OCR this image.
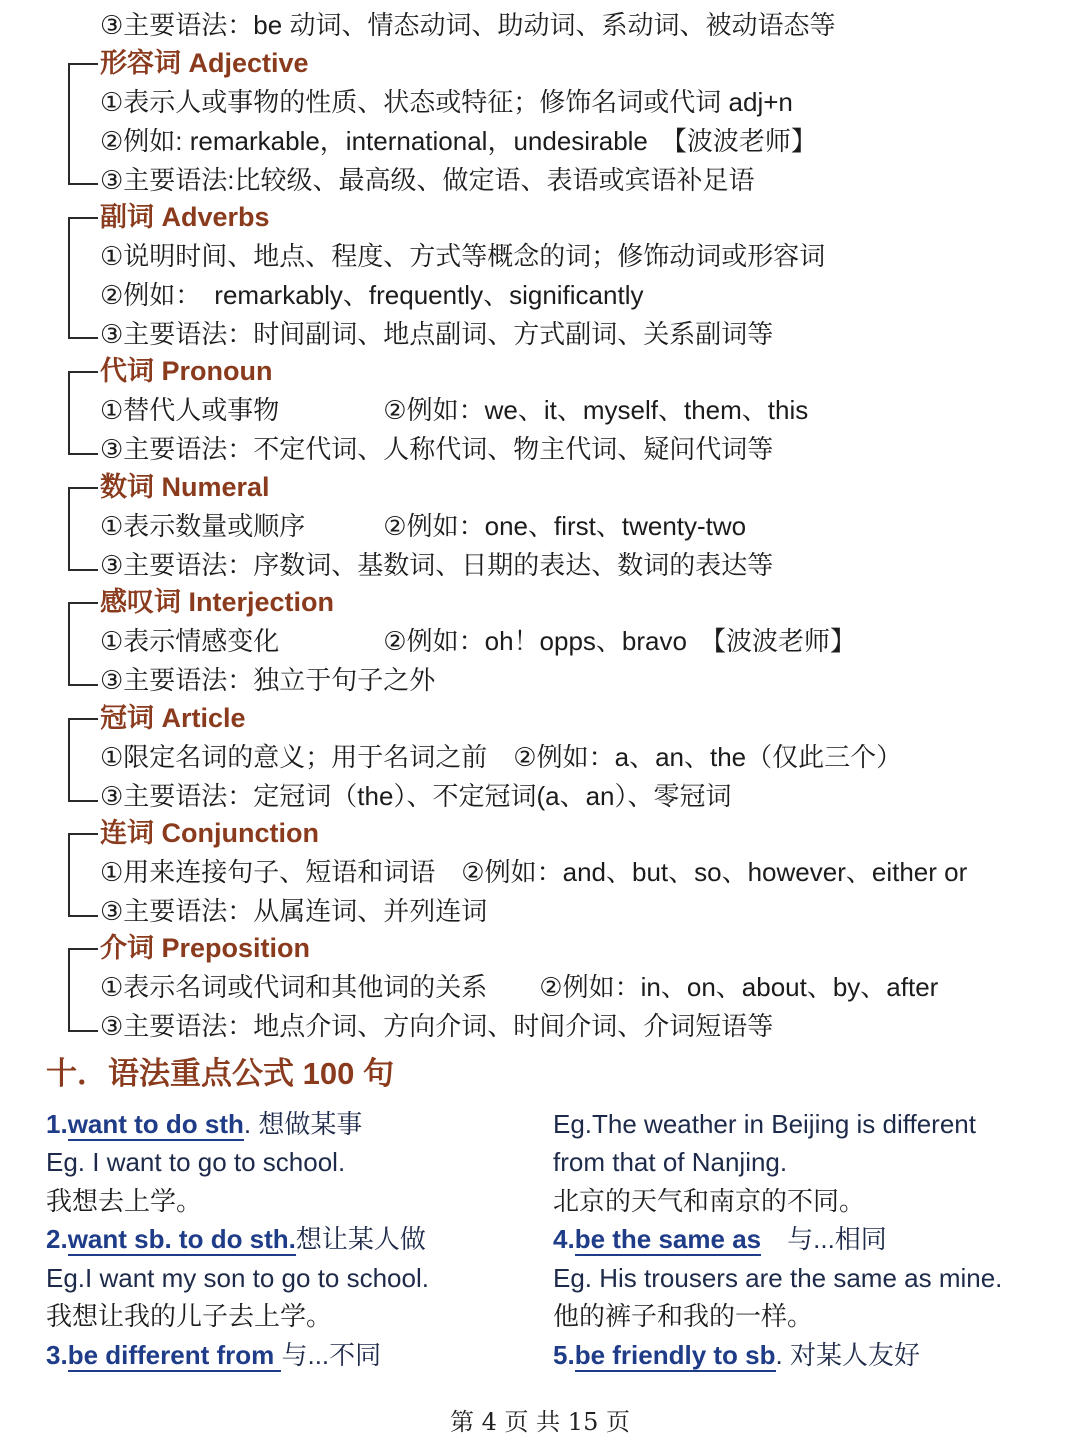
③主要语法：be 动词、情态动词、助动词、系动词、被动语态等
形容词 Adjective
①表示人或事物的性质、状态或特征；修饰名词或代词 adj+n
②例如: remarkable，international，undesirable　【波波老师】
③主要语法:比较级、最高级、做定语、表语或宾语补足语
副词 Adverbs
①说明时间、地点、程度、方式等概念的词；修饰动词或形容词
②例如：　remarkably、frequently、significantly
③主要语法：时间副词、地点副词、方式副词、关系副词等
代词 Pronoun
①替代人或事物　　　　②例如：we、it、myself、them、this
③主要语法：不定代词、人称代词、物主代词、疑问代词等
数词 Numeral
①表示数量或顺序　　　②例如：one、first、twenty-two
③主要语法：序数词、基数词、日期的表达、数词的表达等
感叹词 Interjection
①表示情感变化　　　　②例如：oh！opps、bravo　【波波老师】
③主要语法：独立于句子之外
冠词 Article
①限定名词的意义；用于名词之前　②例如：a、an、the（仅此三个）
③主要语法：定冠词（the）、不定冠词(a、an）、零冠词
连词 Conjunction
①用来连接句子、短语和词语　②例如：and、but、so、however、either or
③主要语法：从属连词、并列连词
介词 Preposition
①表示名词或代词和其他词的关系　　②例如：in、on、about、by、after
③主要语法：地点介词、方向介词、时间介词、介词短语等
十．语法重点公式 100 句
1.want to do sth. 想做某事
Eg. I want to go to school.
我想去上学。
2.want sb. to do sth.想让某人做
Eg.I want my son to go to school.
我想让我的儿子去上学。
3.be different from 与...不同
Eg.The weather in Beijing is different
from that of Nanjing.
北京的天气和南京的不同。
4.be the same as　与...相同
Eg. His trousers are the same as mine.
他的裤子和我的一样。
5.be friendly to sb. 对某人友好
第 4 页 共 15 页
